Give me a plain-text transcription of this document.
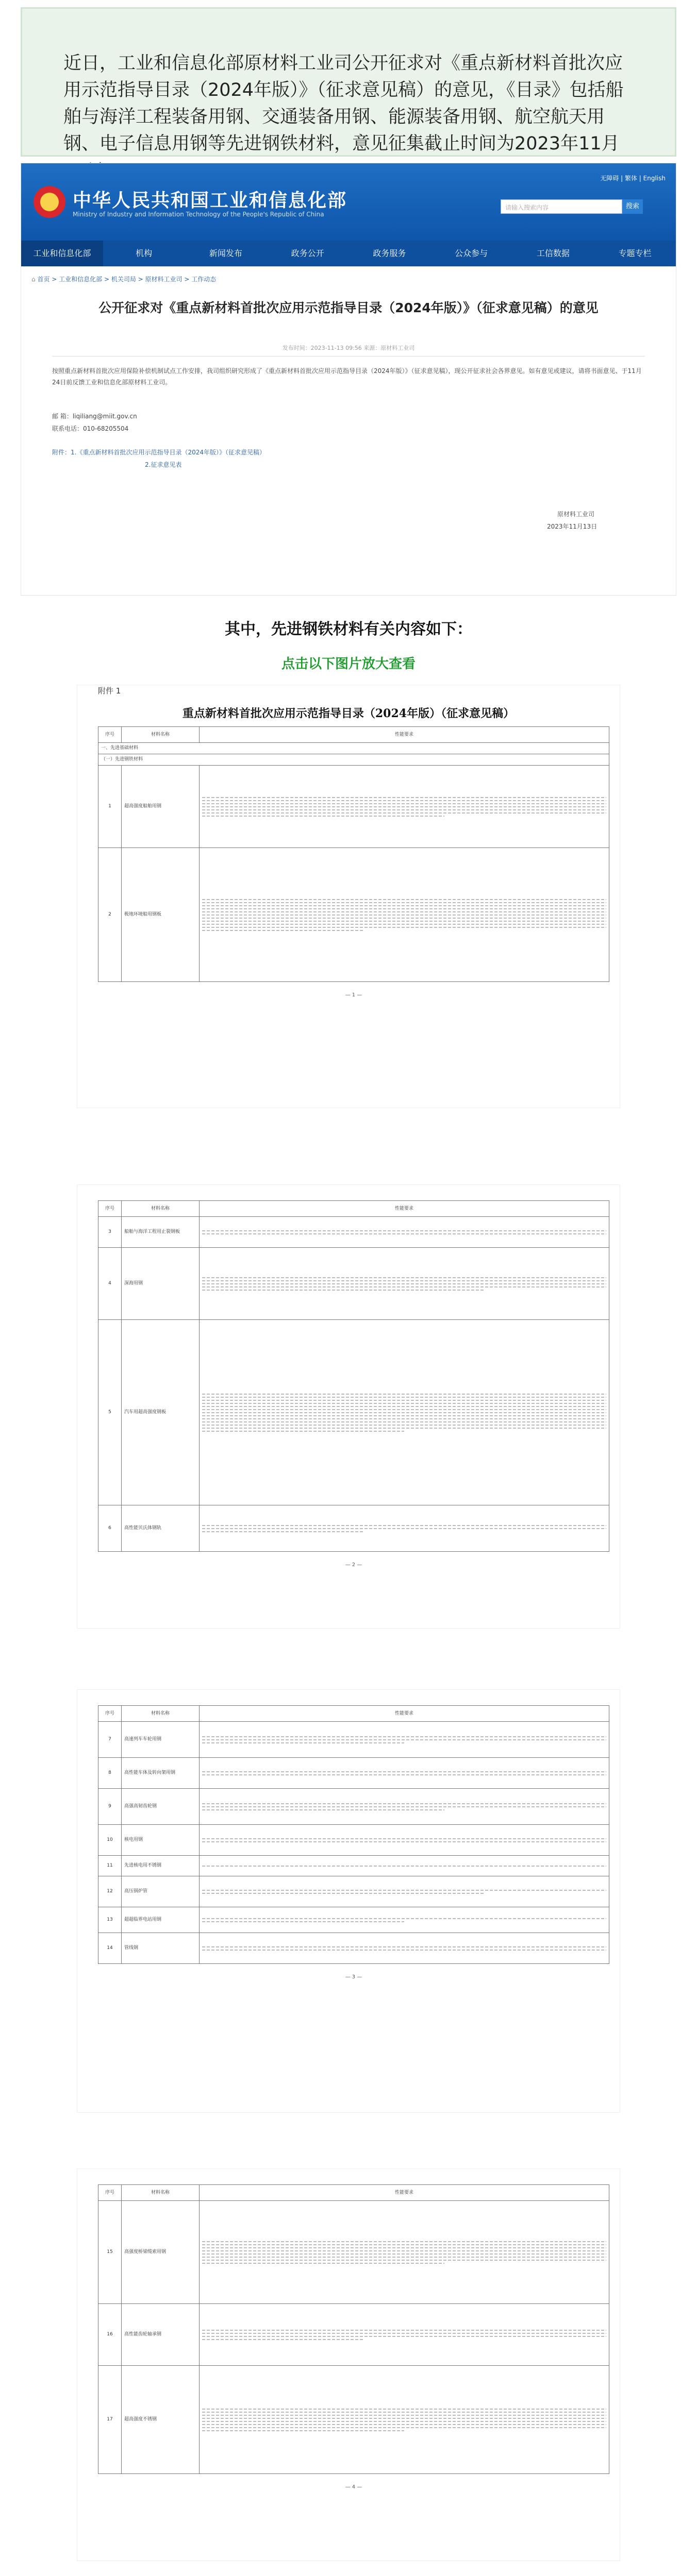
近日，工业和信息化部原材料工业司公开征求对《重点新材料首批次应用示范指导目录（2024年版）》（征求意见稿）的意见，《目录》包括船舶与海洋工程装备用钢、交通装备用钢、能源装备用钢、航空航天用钢、电子信息用钢等先进钢铁材料，意见征集截止时间为2023年11月
中华人民共和国工业和信息化部
Ministry of Industry and Information Technology of the People's Republic of China
无障碍 | 繁体 | English
请输入搜索内容	搜索
工业和信息化部	机构	新闻发布	政务公开	政务服务	公众参与	工信数据	专题专栏
⌂ 首页 > 工业和信息化部 > 机关司局 > 原材料工业司 > 工作动态
公开征求对《重点新材料首批次应用示范指导目录（2024年版）》（征求意见稿）的意见
发布时间：2023-11-13 09:56 来源：原材料工业司
按照重点新材料首批次应用保险补偿机制试点工作安排，我司组织研究形成了《重点新材料首批次应用示范指导目录（2024年版）》（征求意见稿），现公开征求社会各界意见。如有意见或建议，请将书面意见、于11月24日前反馈工业和信息化部原材料工业司。
邮 箱：liqiliang@miit.gov.cn
联系电话：010-68205504
附件：1.《重点新材料首批次应用示范指导目录（2024年版）》（征求意见稿）
2.征求意见表
原材料工业司
2023年11月13日
其中，先进钢铁材料有关内容如下：
点击以下图片放大查看
附件 1
重点新材料首批次应用示范指导目录（2024年版）（征求意见稿）
序号	材料名称	性能要求
一、先进基础材料		
（一）先进钢铁材料		
1	超高强度船舶用钢	

2	极地环境船用钢板	
— 1 —
序号	材料名称	性能要求
3	船舶与海洋工程用止裂钢板	

4	深海用钢	

5	汽车用超高强度钢板	

6	高性能贝氏体钢轨	
— 2 —
序号	材料名称	性能要求
7	高速列车车轮用钢	

8	高性能车体及转向架用钢	

9	高强高韧齿轮钢	

10	核电用钢	

11	先进核电用不锈钢	

12	高压锅炉管	

13	超超临界电站用钢	

14	管线钢	
— 3 —
序号	材料名称	性能要求
15	高强度桥梁缆索用钢	

16	高性能齿轮轴承钢	

17	超高强度不锈钢	
— 4 —
